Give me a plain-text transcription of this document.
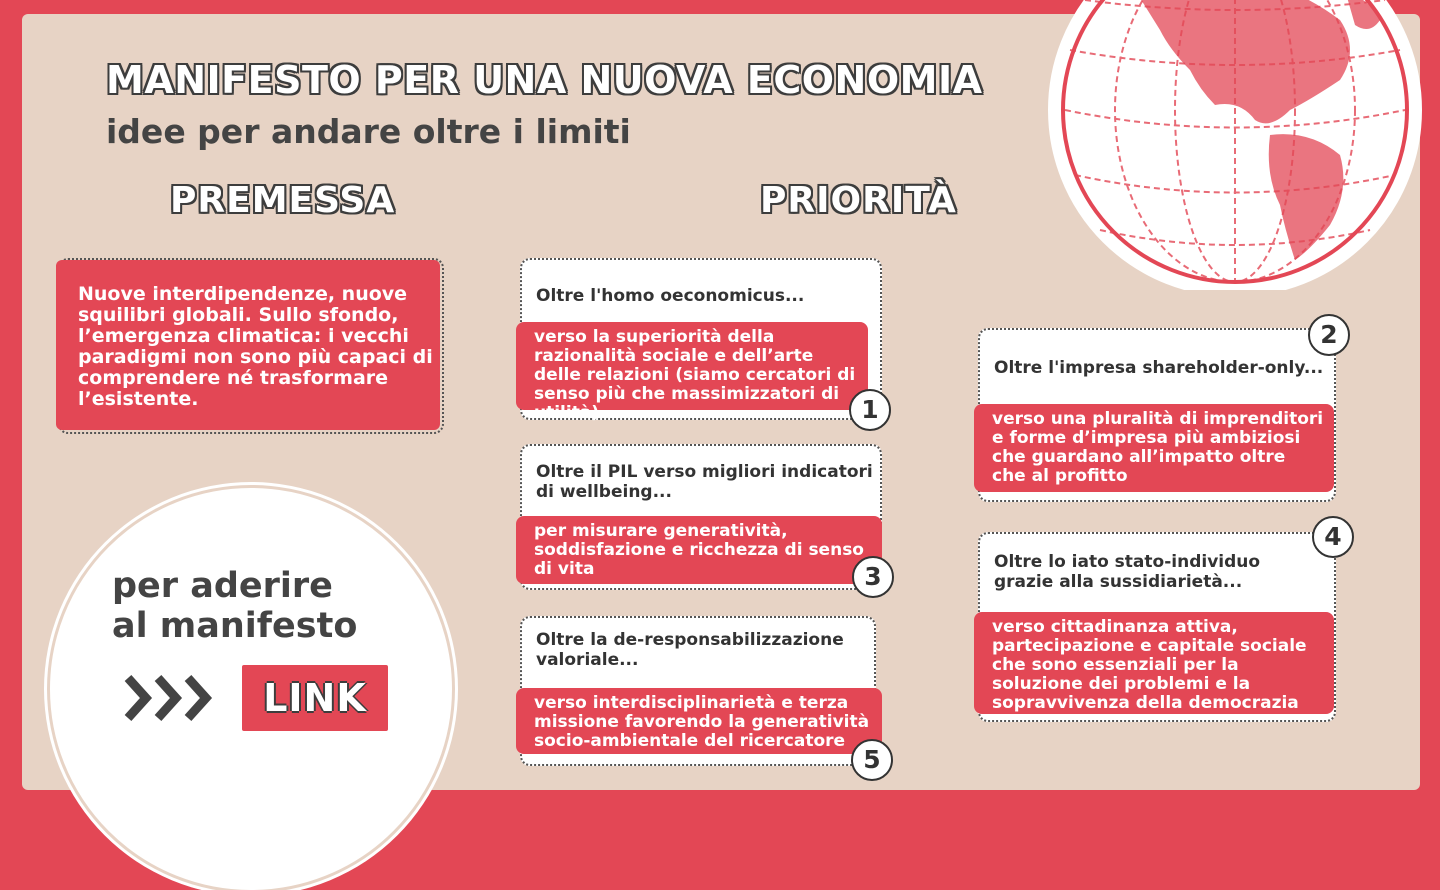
MANIFESTO PER UNA NUOVA ECONOMIA
idee per andare oltre i limiti
PREMESSA	PRIORITÀ
Nuove interdipendenze, nuove squilibri globali. Sullo sfondo, l’emergenza climatica: i vecchi paradigmi non sono più capaci di comprendere né trasformare l’esistente.
Oltre l'homo oeconomicus...
verso la superiorità della razionalità sociale e dell’arte delle relazioni (siamo cercatori di senso più che massimizzatori di utilità)	1
Oltre il PIL verso migliori indicatori di wellbeing...
per misurare generatività, soddisfazione e ricchezza di senso di vita	3
Oltre la de-responsabilizzazione valoriale...
verso interdisciplinarietà e terza missione favorendo la generatività socio-ambientale del ricercatore
5
Oltre l'impresa shareholder-only...
verso una pluralità di imprenditori e forme d’impresa più ambiziosi che guardano all’impatto oltre che al profitto
2
Oltre lo iato stato-individuo grazie alla sussidiarietà...
verso cittadinanza attiva, partecipazione e capitale sociale che sono essenziali per la soluzione dei problemi e la sopravvivenza della democrazia
4
per aderire al manifesto
LINK
